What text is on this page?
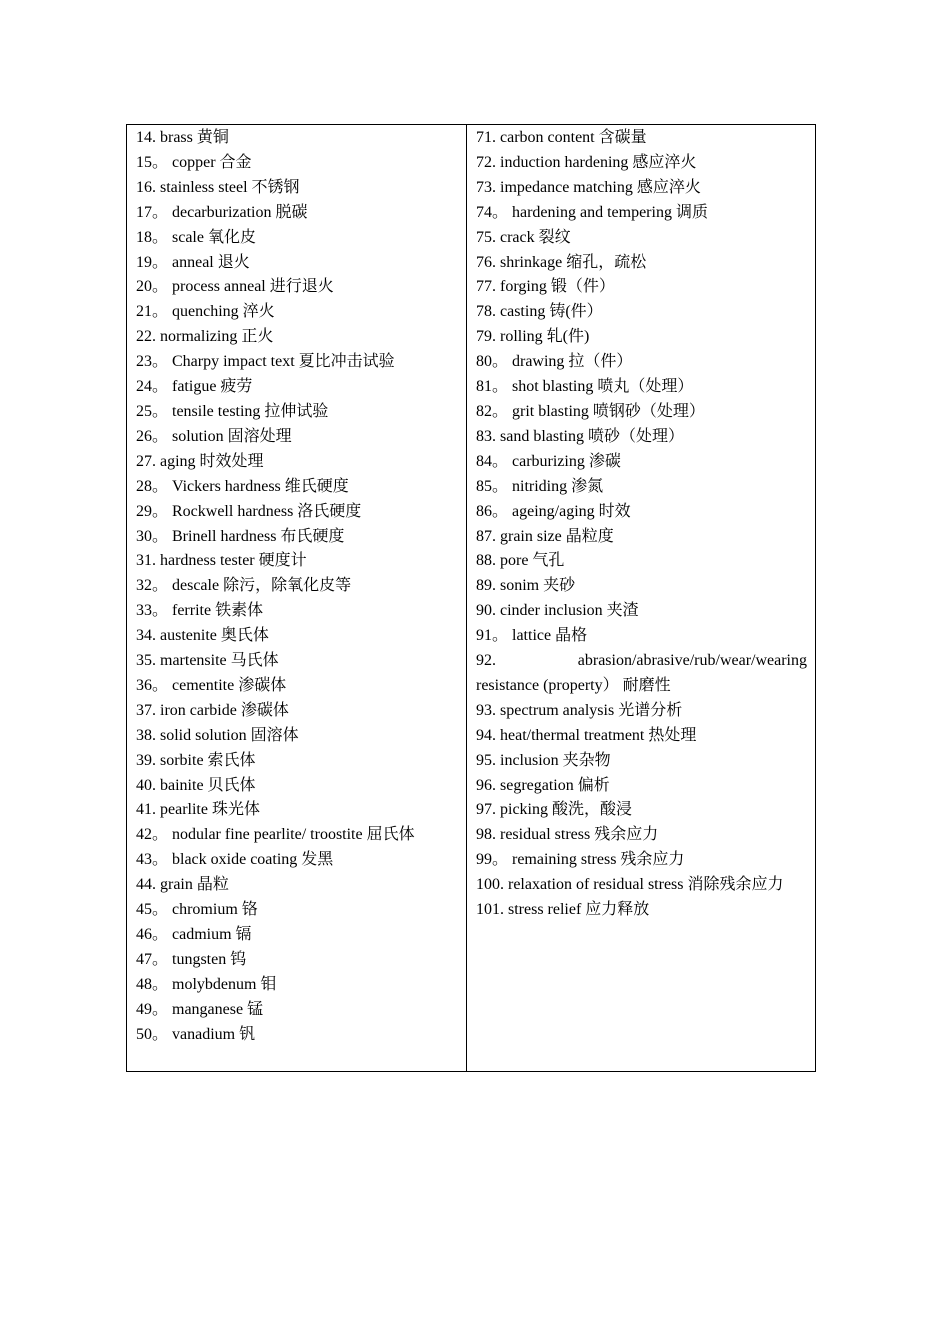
14. brass 黄铜
15。 copper 合金
16. stainless steel 不锈钢
17。 decarburization 脱碳
18。 scale 氧化皮
19。 anneal 退火
20。 process anneal 进行退火
21。 quenching 淬火
22. normalizing 正火
23。 Charpy impact text 夏比冲击试验
24。 fatigue 疲劳
25。 tensile testing 拉伸试验
26。 solution 固溶处理
27. aging 时效处理
28。 Vickers hardness 维氏硬度
29。 Rockwell hardness 洛氏硬度
30。 Brinell hardness 布氏硬度
31. hardness tester 硬度计
32。 descale 除污，除氧化皮等
33。 ferrite 铁素体
34. austenite 奥氏体
35. martensite 马氏体
36。 cementite 渗碳体
37. iron carbide 渗碳体
38. solid solution 固溶体
39. sorbite 索氏体
40. bainite 贝氏体
41. pearlite 珠光体
42。 nodular fine pearlite/ troostite 屈氏体
43。 black oxide coating 发黑
44. grain 晶粒
45。 chromium 铬
46。 cadmium 镉
47。 tungsten 钨
48。 molybdenum 钼
49。 manganese 锰
50。 vanadium 钒
71. carbon content 含碳量
72. induction hardening 感应淬火
73. impedance matching 感应淬火
74。 hardening and tempering 调质
75. crack 裂纹
76. shrinkage 缩孔，疏松
77. forging 锻（件）
78. casting 铸(件）
79. rolling 轧(件)
80。 drawing 拉（件）
81。 shot blasting 喷丸（处理）
82。 grit blasting 喷钢砂（处理）
83. sand blasting 喷砂（处理）
84。 carburizing 渗碳
85。 nitriding 渗氮
86。 ageing/aging 时效
87. grain size 晶粒度
88. pore 气孔
89. sonim 夹砂
90. cinder inclusion 夹渣
91。 lattice 晶格
92.	abrasion/abrasive/rub/wear/wearing
resistance (property） 耐磨性
93. spectrum analysis 光谱分析
94. heat/thermal treatment 热处理
95. inclusion 夹杂物
96. segregation 偏析
97. picking 酸洗，酸浸
98. residual stress 残余应力
99。 remaining stress 残余应力
100. relaxation of residual stress 消除残余应力
101. stress relief 应力释放
